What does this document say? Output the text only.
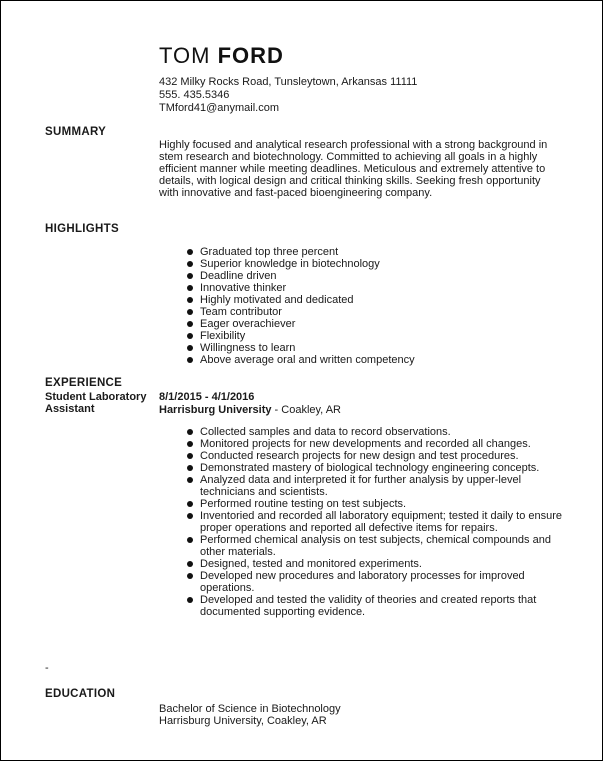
TOM FORD
432 Milky Rocks Road, Tunsleytown, Arkansas 11111
555. 435.5346
TMford41@anymail.com
SUMMARY
Highly focused and analytical research professional with a strong background in stem research and biotechnology. Committed to achieving all goals in a highly efficient manner while meeting deadlines. Meticulous and extremely attentive to details, with logical design and critical thinking skills. Seeking fresh opportunity with innovative and fast-paced bioengineering company.
HIGHLIGHTS
Graduated top three percent
Superior knowledge in biotechnology
Deadline driven
Innovative thinker
Highly motivated and dedicated
Team contributor
Eager overachiever
Flexibility
Willingness to learn
Above average oral and written competency
EXPERIENCE
Student Laboratory Assistant
8/1/2015 - 4/1/2016
Harrisburg University - Coakley, AR
Collected samples and data to record observations.
Monitored projects for new developments and recorded all changes.
Conducted research projects for new design and test procedures.
Demonstrated mastery of biological technology engineering concepts.
Analyzed data and interpreted it for further analysis by upper-level technicians and scientists.
Performed routine testing on test subjects.
Inventoried and recorded all laboratory equipment; tested it daily to ensure proper operations and reported all defective items for repairs.
Performed chemical analysis on test subjects, chemical compounds and other materials.
Designed, tested and monitored experiments.
Developed new procedures and laboratory processes for improved operations.
Developed and tested the validity of theories and created reports that documented supporting evidence.
-
EDUCATION
Bachelor of Science in Biotechnology
Harrisburg University, Coakley, AR
